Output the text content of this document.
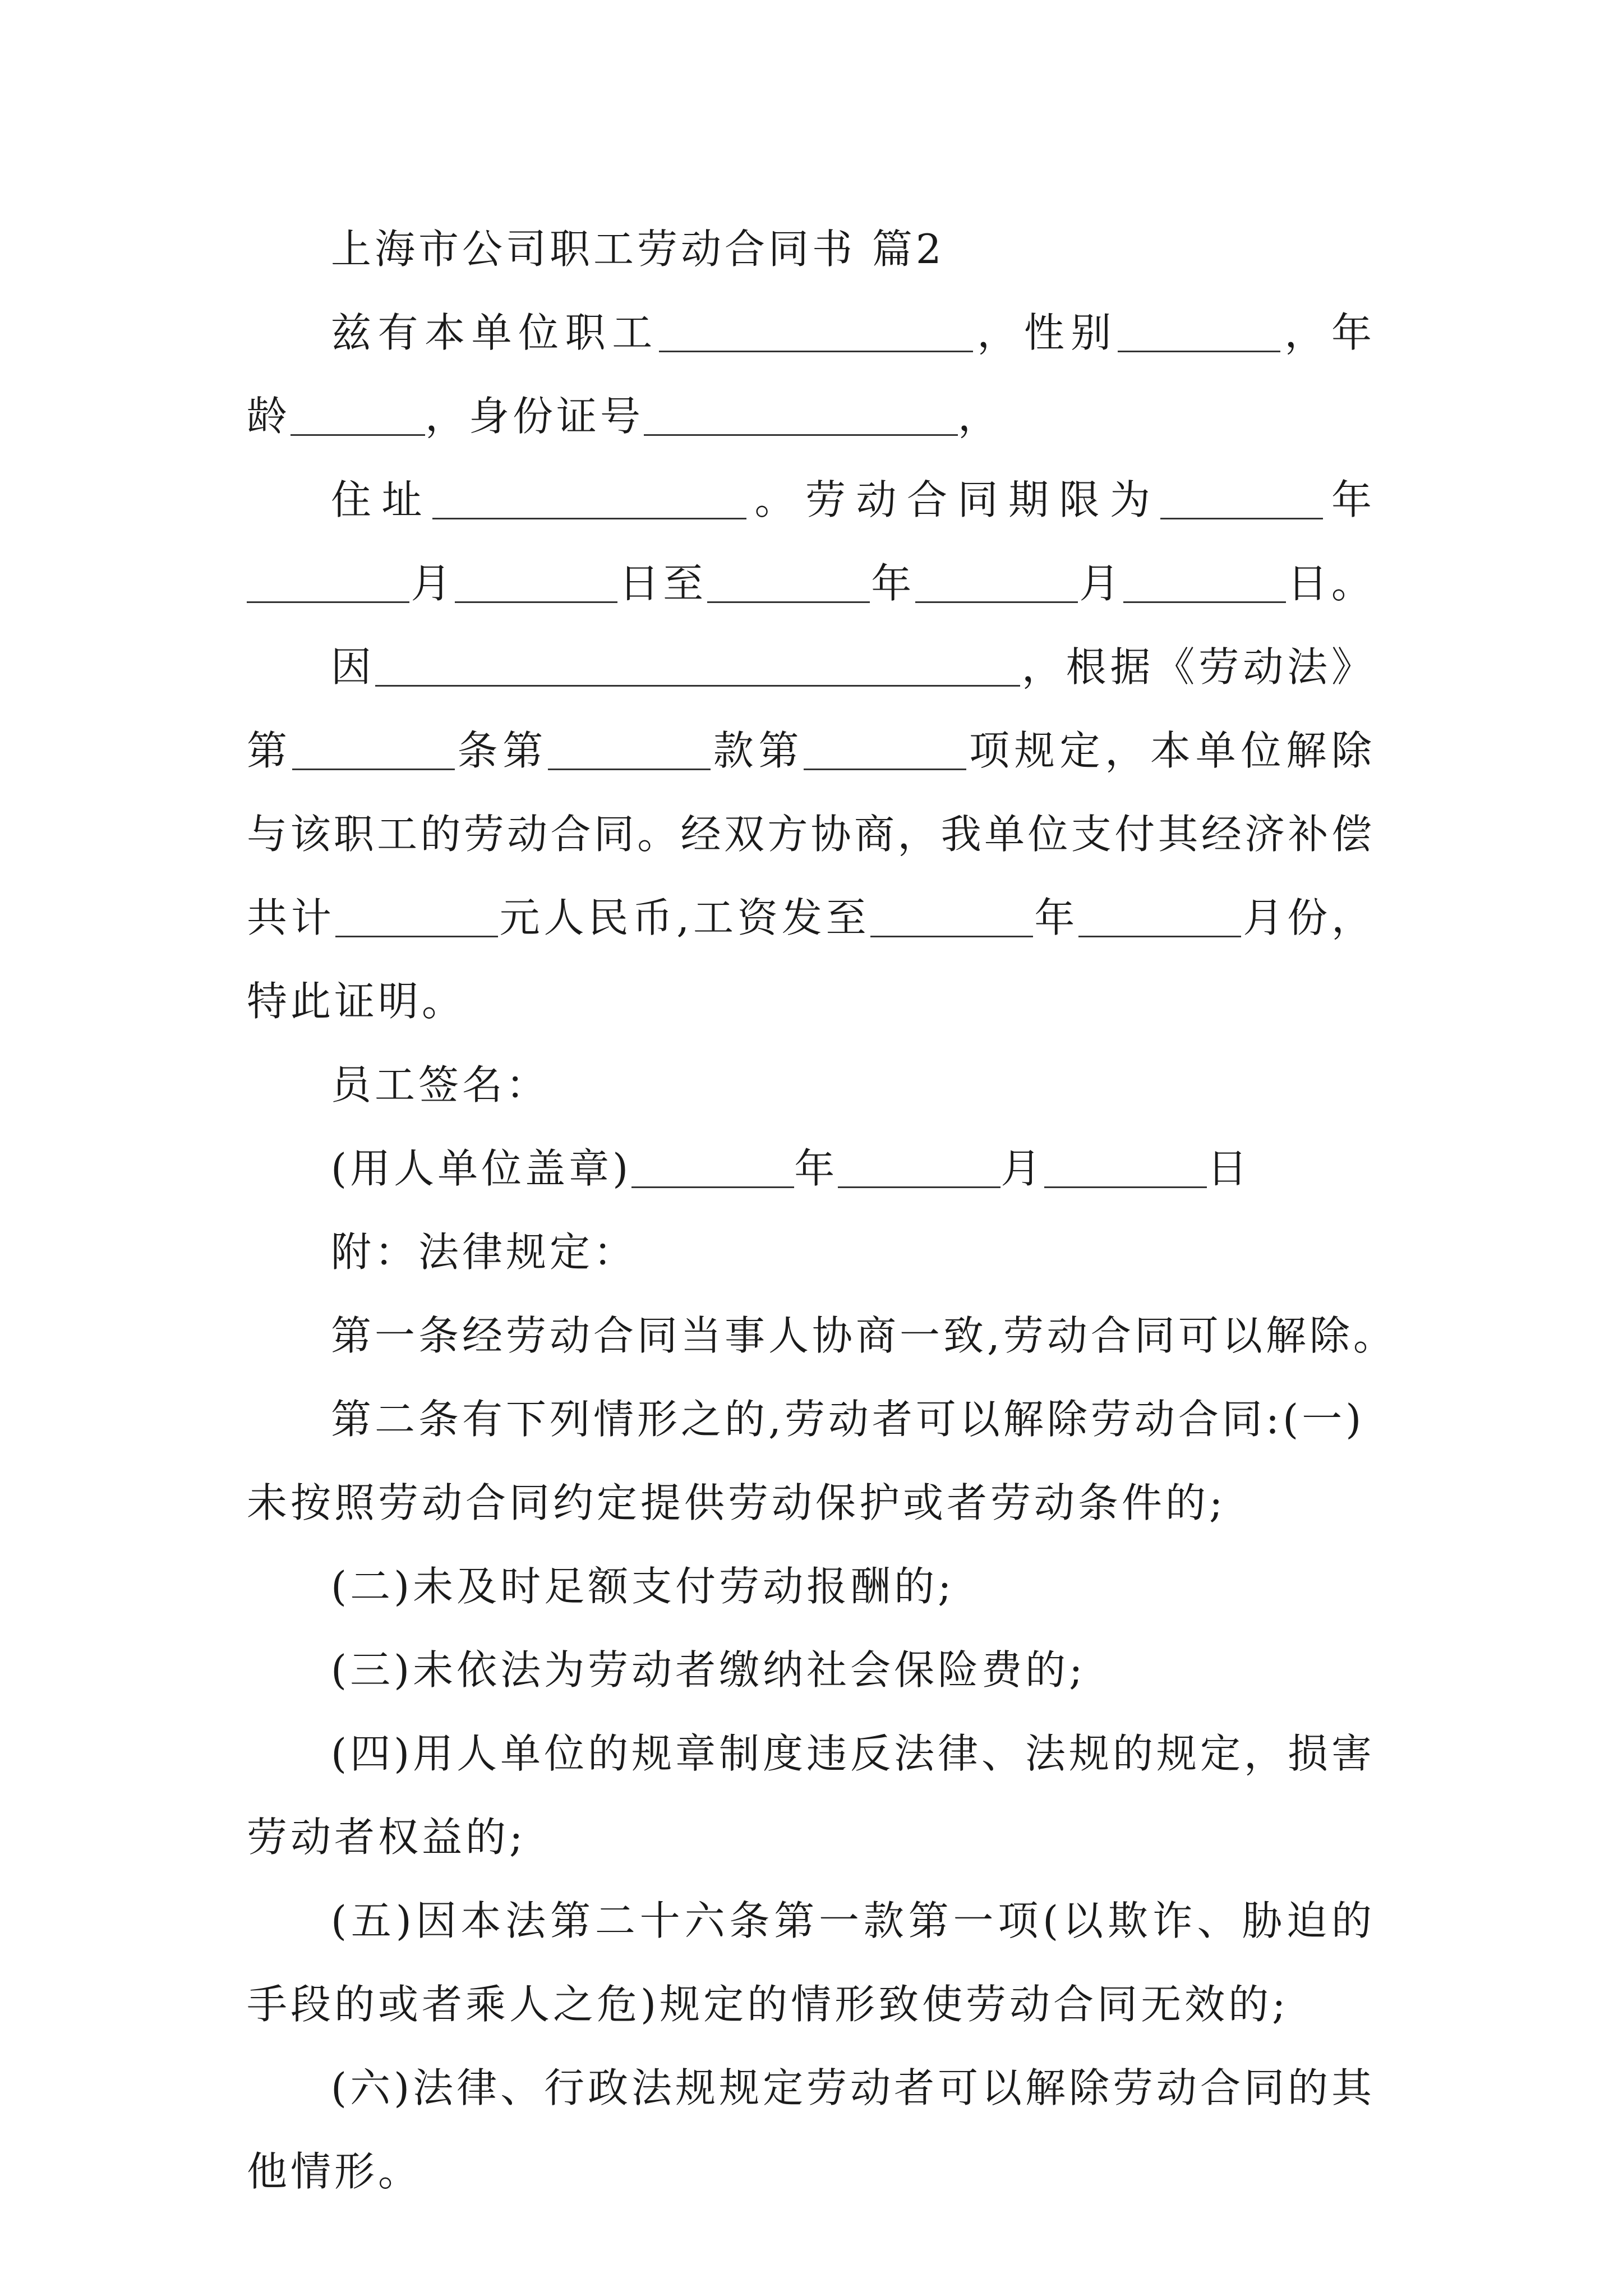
上海市公司职工劳动合同书 篇2
兹有本单位职工	，性别	，年
龄	，身份证号	，
住址	。劳动合同期限为	年
月	日至	年	月	日。
因	，根据《劳动法》
第	条第	款第	项规定，本单位解除
与该职工的劳动合同。经双方协商，我单位支付其经济补偿
共计	元人民币,工资发至	年	月份，
特此证明。
员工签名：
(用人单位盖章)	年	月	日
附：法律规定：
第一条经劳动合同当事人协商一致,劳动合同可以解除。
第二条有下列情形之的,劳动者可以解除劳动合同:(一)
未按照劳动合同约定提供劳动保护或者劳动条件的;
(二)未及时足额支付劳动报酬的;
(三)未依法为劳动者缴纳社会保险费的;
(四)用人单位的规章制度违反法律、法规的规定，损害
劳动者权益的;
(五)因本法第二十六条第一款第一项(以欺诈、胁迫的
手段的或者乘人之危)规定的情形致使劳动合同无效的;
(六)法律、行政法规规定劳动者可以解除劳动合同的其
他情形。
